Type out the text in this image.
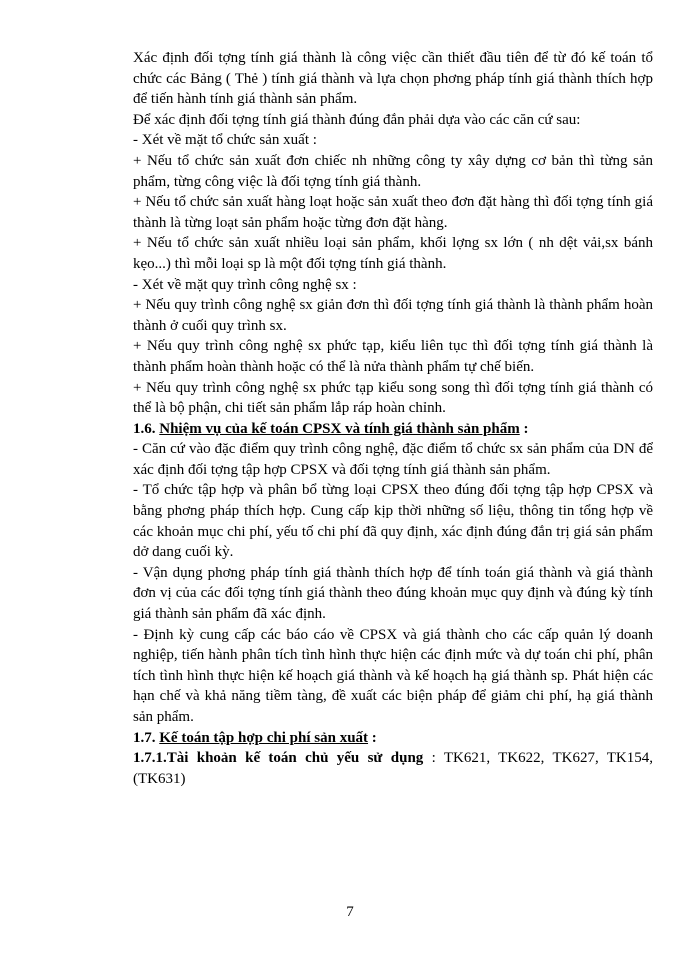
Xác định đối tợng tính giá thành là công việc cần thiết đầu tiên để từ đó kế toán tổ chức các Bảng ( Thẻ ) tính giá thành và lựa chọn phơng pháp tính giá thành thích hợp để tiến hành tính giá thành sản phẩm.

Để xác định đối tợng tính giá thành đúng đắn phải dựa vào các căn cứ sau:

- Xét về mặt tổ chức sản xuất :

+ Nếu tổ chức sản xuất đơn chiếc nh những công ty xây dựng cơ bản thì từng sản phẩm, từng công việc là đối tợng tính giá thành.

+ Nếu tổ chức sản xuất hàng loạt hoặc sản xuất theo đơn đặt hàng thì đối tợng tính giá thành là từng loạt sản phẩm hoặc từng đơn đặt hàng.

+ Nếu tổ chức sản xuất nhiều loại sản phẩm, khối lợng sx lớn ( nh dệt vải,sx bánh kẹo...) thì mỗi loại sp là một đối tợng tính giá thành.

- Xét về mặt quy trình công nghệ sx :

+ Nếu quy trình công nghệ sx giản đơn thì đối tợng tính giá thành là thành phẩm hoàn thành ở cuối quy trình sx.

+ Nếu quy trình công nghệ sx phức tạp, kiểu liên tục thì đối tợng tính giá thành là thành phẩm hoàn thành hoặc có thể là nửa thành phẩm tự chế biến.

+ Nếu quy trình công nghệ sx phức tạp kiểu song song thì đối tợng tính giá thành có thể là bộ phận, chi tiết sản phẩm lắp ráp hoàn chỉnh.

1.6. Nhiệm vụ của kế toán CPSX và tính giá thành sản phẩm :

- Căn cứ vào đặc điểm quy trình công nghệ, đặc điểm tổ chức sx sản phẩm của DN để xác định đối tợng tập hợp CPSX và đối tợng tính giá thành sản phẩm.

- Tổ chức tập hợp và phân bổ từng loại CPSX theo đúng đối tợng tập hợp CPSX và bằng phơng pháp thích hợp. Cung cấp kịp thời những số liệu, thông tin tổng hợp về các khoản mục chi phí, yếu tố chi phí đã quy định, xác định đúng đắn trị giá sản phẩm dở dang cuối kỳ.

- Vận dụng phơng pháp tính giá thành thích hợp để tính toán giá thành và giá thành đơn vị của các đối tợng tính giá thành theo đúng khoản mục quy định và đúng kỳ tính giá thành sản phẩm đã xác định.

- Định kỳ cung cấp các báo cáo về CPSX và giá thành cho các cấp quản lý doanh nghiệp, tiến hành phân tích tình hình thực hiện các định mức và dự toán chi phí, phân tích tình hình thực hiện kế hoạch giá thành và kế hoạch hạ giá thành sp. Phát hiện các hạn chế và khả năng tiềm tàng, đề xuất các biện pháp để giảm chi phí, hạ giá thành sản phẩm.

1.7. Kế toán tập hợp chi phí sản xuất :

1.7.1.Tài khoản kế toán chủ yếu sử dụng : TK621, TK622, TK627, TK154, (TK631)

7
